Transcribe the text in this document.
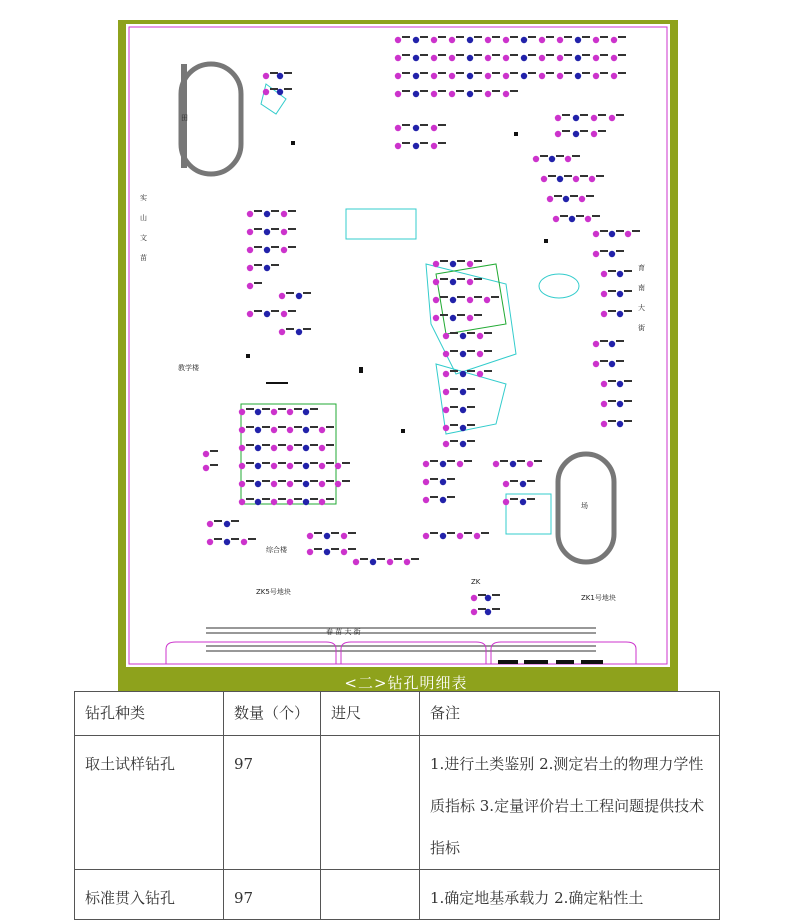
实
山
文
苗
育
南
大
街
春 苗 大 街
教学楼
综合楼
ZK5号地块
ZK1号地块
场
田
ZK
<二>钻孔明细表
钻孔种类	数量（个）	进尺	备注
取土试样钻孔	97		1.进行土类鉴别 2.测定岩土的物理力学性质指标 3.定量评价岩土工程问题提供技术指标
标准贯入钻孔	97		1.确定地基承载力 2.确定粘性土
